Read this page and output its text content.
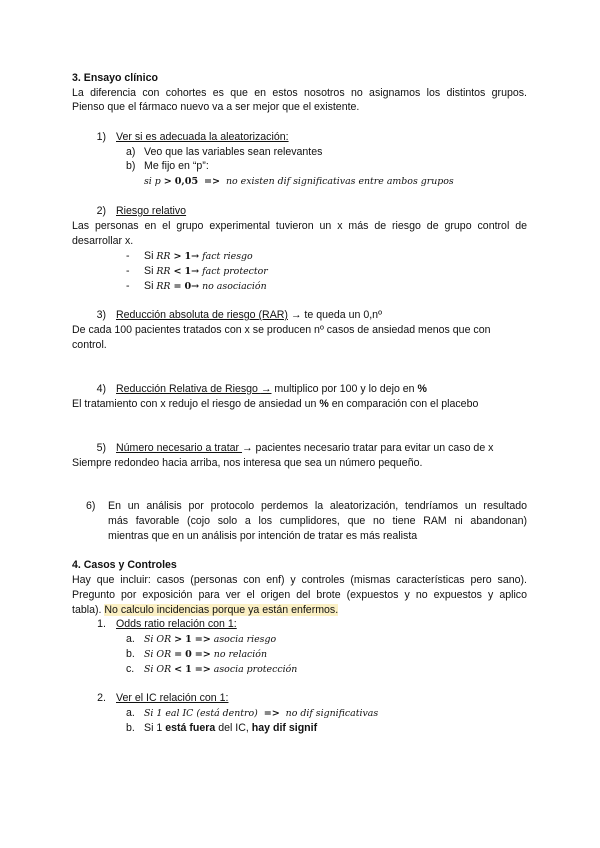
3. Ensayo clínico
La diferencia con cohortes es que en estos nosotros no asignamos los distintos grupos.
Pienso que el fármaco nuevo va a ser mejor que el existente.
1) Ver si es adecuada la aleatorización:
a) Veo que las variables sean relevantes
b) Me fijo en “p”:
si p > 0,05 => no existen dif significativas entre ambos grupos
2) Riesgo relativo
Las personas en el grupo experimental tuvieron un x más de riesgo de grupo control de
desarrollar x.
- Si RR > 1→ fact riesgo
- Si RR < 1→ fact protector
- Si RR = 0→ no asociación
3) Reducción absoluta de riesgo (RAR) → te queda un 0,nº
De cada 100 pacientes tratados con x se producen nº casos de ansiedad menos que con
control.
4) Reducción Relativa de Riesgo → multiplico por 100 y lo dejo en %
El tratamiento con x redujo el riesgo de ansiedad un % en comparación con el placebo
5) Número necesario a tratar → pacientes necesario tratar para evitar un caso de x
Siempre redondeo hacia arriba, nos interesa que sea un número pequeño.
6) En un análisis por protocolo perdemos la aleatorización, tendríamos un resultado
más favorable (cojo solo a los cumplidores, que no tiene RAM ni abandonan)
mientras que en un análisis por intención de tratar es más realista
4. Casos y Controles
Hay que incluir: casos (personas con enf) y controles (mismas características pero sano).
Pregunto por exposición para ver el origen del brote (expuestos y no expuestos y aplico
tabla). No calculo incidencias porque ya están enfermos.
1. Odds ratio relación con 1:
a. Si OR > 1 => asocia riesgo
b. Si OR = 0 => no relación
c. Si OR < 1 => asocia protección
2. Ver el IC relación con 1:
a. Si 1 eal IC (está dentro) => no dif significativas
b. Si 1 está fuera del IC, hay dif signif
